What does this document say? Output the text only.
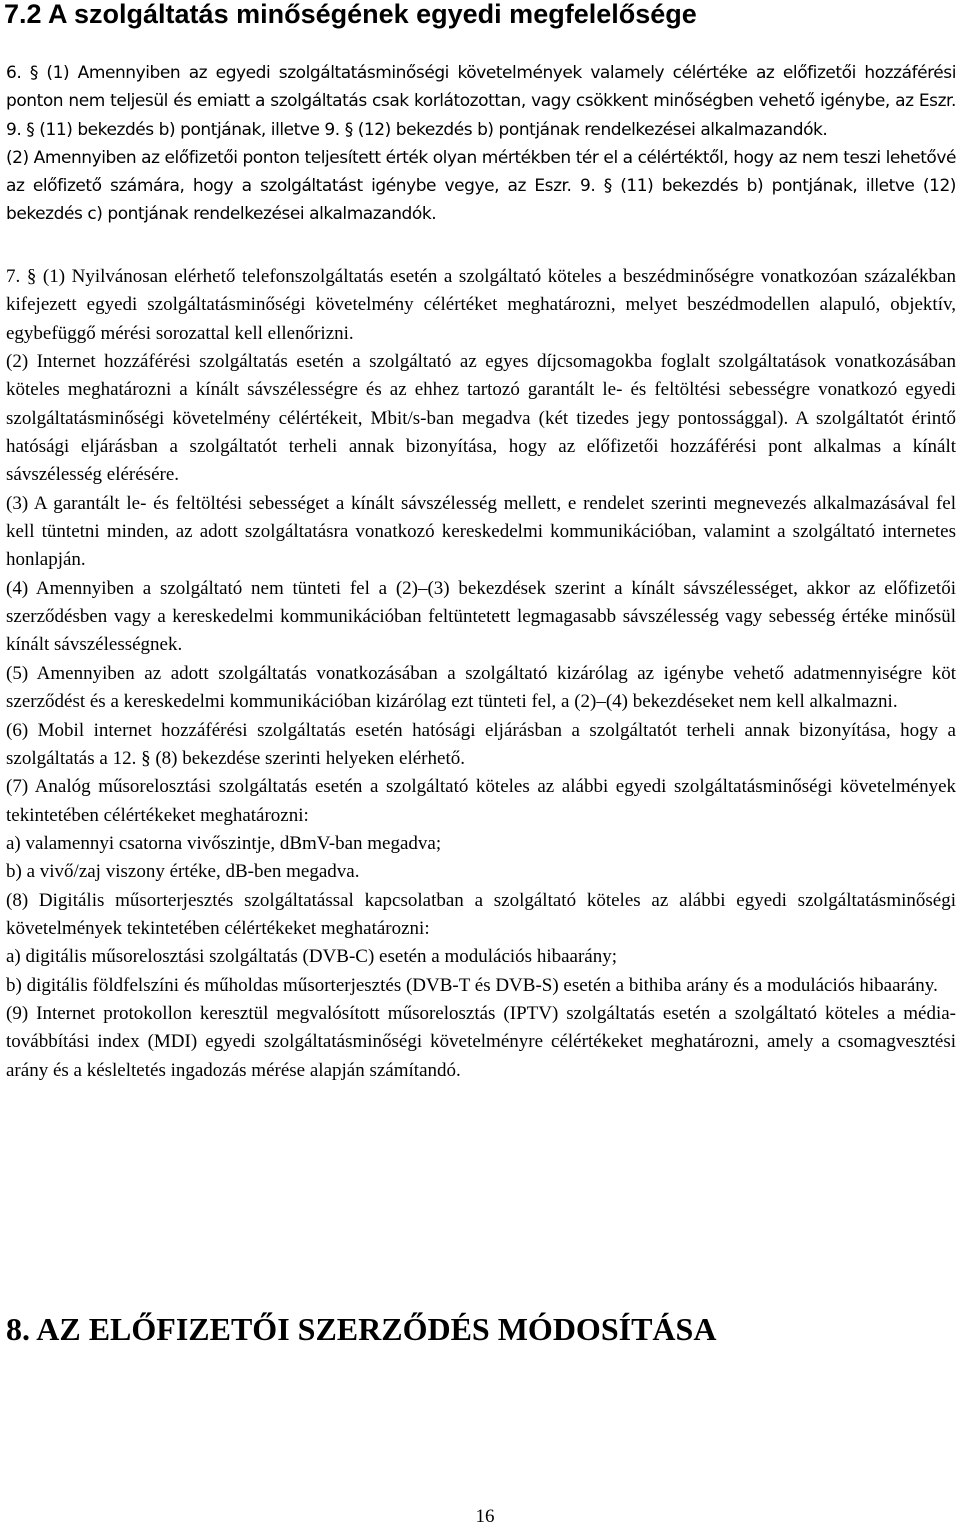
7.2 A szolgáltatás minőségének egyedi megfelelősége

6. § (1) Amennyiben az egyedi szolgáltatásminőségi követelmények valamely célértéke az előfizetői hozzáférési ponton nem teljesül és emiatt a szolgáltatás csak korlátozottan, vagy csökkent minőségben vehető igénybe, az Eszr. 9. § (11) bekezdés b) pontjának, illetve 9. § (12) bekezdés b) pontjának rendelkezései alkalmazandók.

(2) Amennyiben az előfizetői ponton teljesített érték olyan mértékben tér el a célértéktől, hogy az nem teszi lehetővé az előfizető számára, hogy a szolgáltatást igénybe vegye, az Eszr. 9. § (11) bekezdés b) pontjának, illetve (12) bekezdés c) pontjának rendelkezései alkalmazandók.

7. § (1) Nyilvánosan elérhető telefonszolgáltatás esetén a szolgáltató köteles a beszédminőségre vonatkozóan százalékban kifejezett egyedi szolgáltatásminőségi követelmény célértéket meghatározni, melyet beszédmodellen alapuló, objektív, egybefüggő mérési sorozattal kell ellenőrizni.

(2) Internet hozzáférési szolgáltatás esetén a szolgáltató az egyes díjcsomagokba foglalt szolgáltatások vonatkozásában köteles meghatározni a kínált sávszélességre és az ehhez tartozó garantált le- és feltöltési sebességre vonatkozó egyedi szolgáltatásminőségi követelmény célértékeit, Mbit/s-ban megadva (két tizedes jegy pontossággal). A szolgáltatót érintő hatósági eljárásban a szolgáltatót terheli annak bizonyítása, hogy az előfizetői hozzáférési pont alkalmas a kínált sávszélesség elérésére.

(3) A garantált le- és feltöltési sebességet a kínált sávszélesség mellett, e rendelet szerinti megnevezés alkalmazásával fel kell tüntetni minden, az adott szolgáltatásra vonatkozó kereskedelmi kommunikációban, valamint a szolgáltató internetes honlapján.

(4) Amennyiben a szolgáltató nem tünteti fel a (2)–(3) bekezdések szerint a kínált sávszélességet, akkor az előfizetői szerződésben vagy a kereskedelmi kommunikációban feltüntetett legmagasabb sávszélesség vagy sebesség értéke minősül kínált sávszélességnek.

(5) Amennyiben az adott szolgáltatás vonatkozásában a szolgáltató kizárólag az igénybe vehető adatmennyiségre köt szerződést és a kereskedelmi kommunikációban kizárólag ezt tünteti fel, a (2)–(4) bekezdéseket nem kell alkalmazni.

(6) Mobil internet hozzáférési szolgáltatás esetén hatósági eljárásban a szolgáltatót terheli annak bizonyítása, hogy a szolgáltatás a 12. § (8) bekezdése szerinti helyeken elérhető.

(7) Analóg műsorelosztási szolgáltatás esetén a szolgáltató köteles az alábbi egyedi szolgáltatásminőségi követelmények tekintetében célértékeket meghatározni:

a) valamennyi csatorna vivőszintje, dBmV-ban megadva;

b) a vivő/zaj viszony értéke, dB-ben megadva.

(8) Digitális műsorterjesztés szolgáltatással kapcsolatban a szolgáltató köteles az alábbi egyedi szolgáltatásminőségi követelmények tekintetében célértékeket meghatározni:

a) digitális műsorelosztási szolgáltatás (DVB-C) esetén a modulációs hibaarány;

b) digitális földfelszíni és műholdas műsorterjesztés (DVB-T és DVB-S) esetén a bithiba arány és a modulációs hibaarány.

(9) Internet protokollon keresztül megvalósított műsorelosztás (IPTV) szolgáltatás esetén a szolgáltató köteles a média-továbbítási index (MDI) egyedi szolgáltatásminőségi követelményre célértékeket meghatározni, amely a csomagvesztési arány és a késleltetés ingadozás mérése alapján számítandó.

8. AZ ELŐFIZETŐI SZERZŐDÉS MÓDOSÍTÁSA
16
